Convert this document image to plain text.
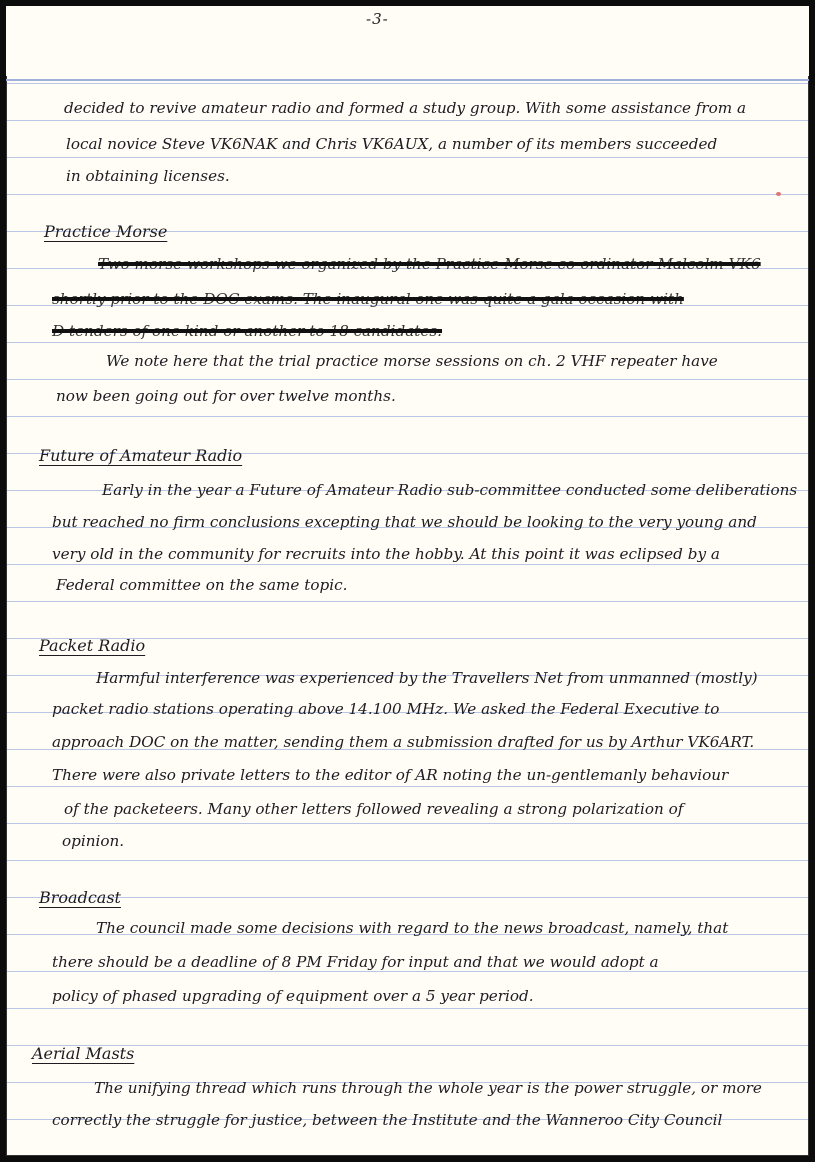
-3-
decided to revive amateur radio and formed a study group. With some assistance from a
local novice Steve VK6NAK and Chris VK6AUX, a number of its members succeeded
in obtaining licenses.
Practice Morse
Two morse workshops we organized by the Practice Morse co-ordinator Malcolm VK6
shortly prior to the DOC exams. The inaugural one was quite a gala occasion with
D tenders of one kind or another to 18 candidates.
We note here that the trial practice morse sessions on ch. 2 VHF repeater have
now been going out for over twelve months.
Future of Amateur Radio
Early in the year a Future of Amateur Radio sub-committee conducted some deliberations
but reached no firm conclusions excepting that we should be looking to the very young and
very old in the community for recruits into the hobby. At this point it was eclipsed by a
Federal committee on the same topic.
Packet Radio
Harmful interference was experienced by the Travellers Net from unmanned (mostly)
packet radio stations operating above 14.100 MHz. We asked the Federal Executive to
approach DOC on the matter, sending them a submission drafted for us by Arthur VK6ART.
There were also private letters to the editor of AR noting the un-gentlemanly behaviour
of the packeteers. Many other letters followed revealing a strong polarization of
opinion.
Broadcast
The council made some decisions with regard to the news broadcast, namely, that
there should be a deadline of 8 PM Friday for input and that we would adopt a
policy of phased upgrading of equipment over a 5 year period.
Aerial Masts
The unifying thread which runs through the whole year is the power struggle, or more
correctly the struggle for justice, between the Institute and the Wanneroo City Council
